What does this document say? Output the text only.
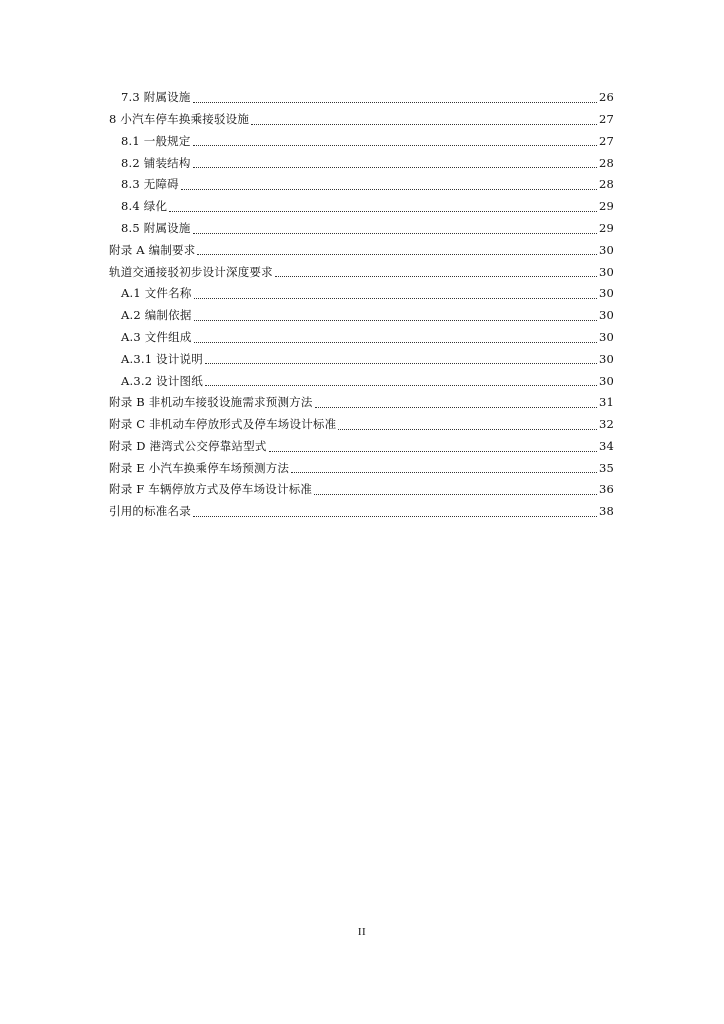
7.3 附属设施	26
8 小汽车停车换乘接驳设施	27
8.1 一般规定	27
8.2 铺装结构	28
8.3 无障碍	28
8.4 绿化	29
8.5 附属设施	29
附录 A 编制要求	30
轨道交通接驳初步设计深度要求	30
A.1 文件名称	30
A.2 编制依据	30
A.3 文件组成	30
A.3.1 设计说明	30
A.3.2 设计图纸	30
附录 B 非机动车接驳设施需求预测方法	31
附录 C 非机动车停放形式及停车场设计标准	32
附录 D 港湾式公交停靠站型式	34
附录 E 小汽车换乘停车场预测方法	35
附录 F 车辆停放方式及停车场设计标准	36
引用的标准名录	38
II
